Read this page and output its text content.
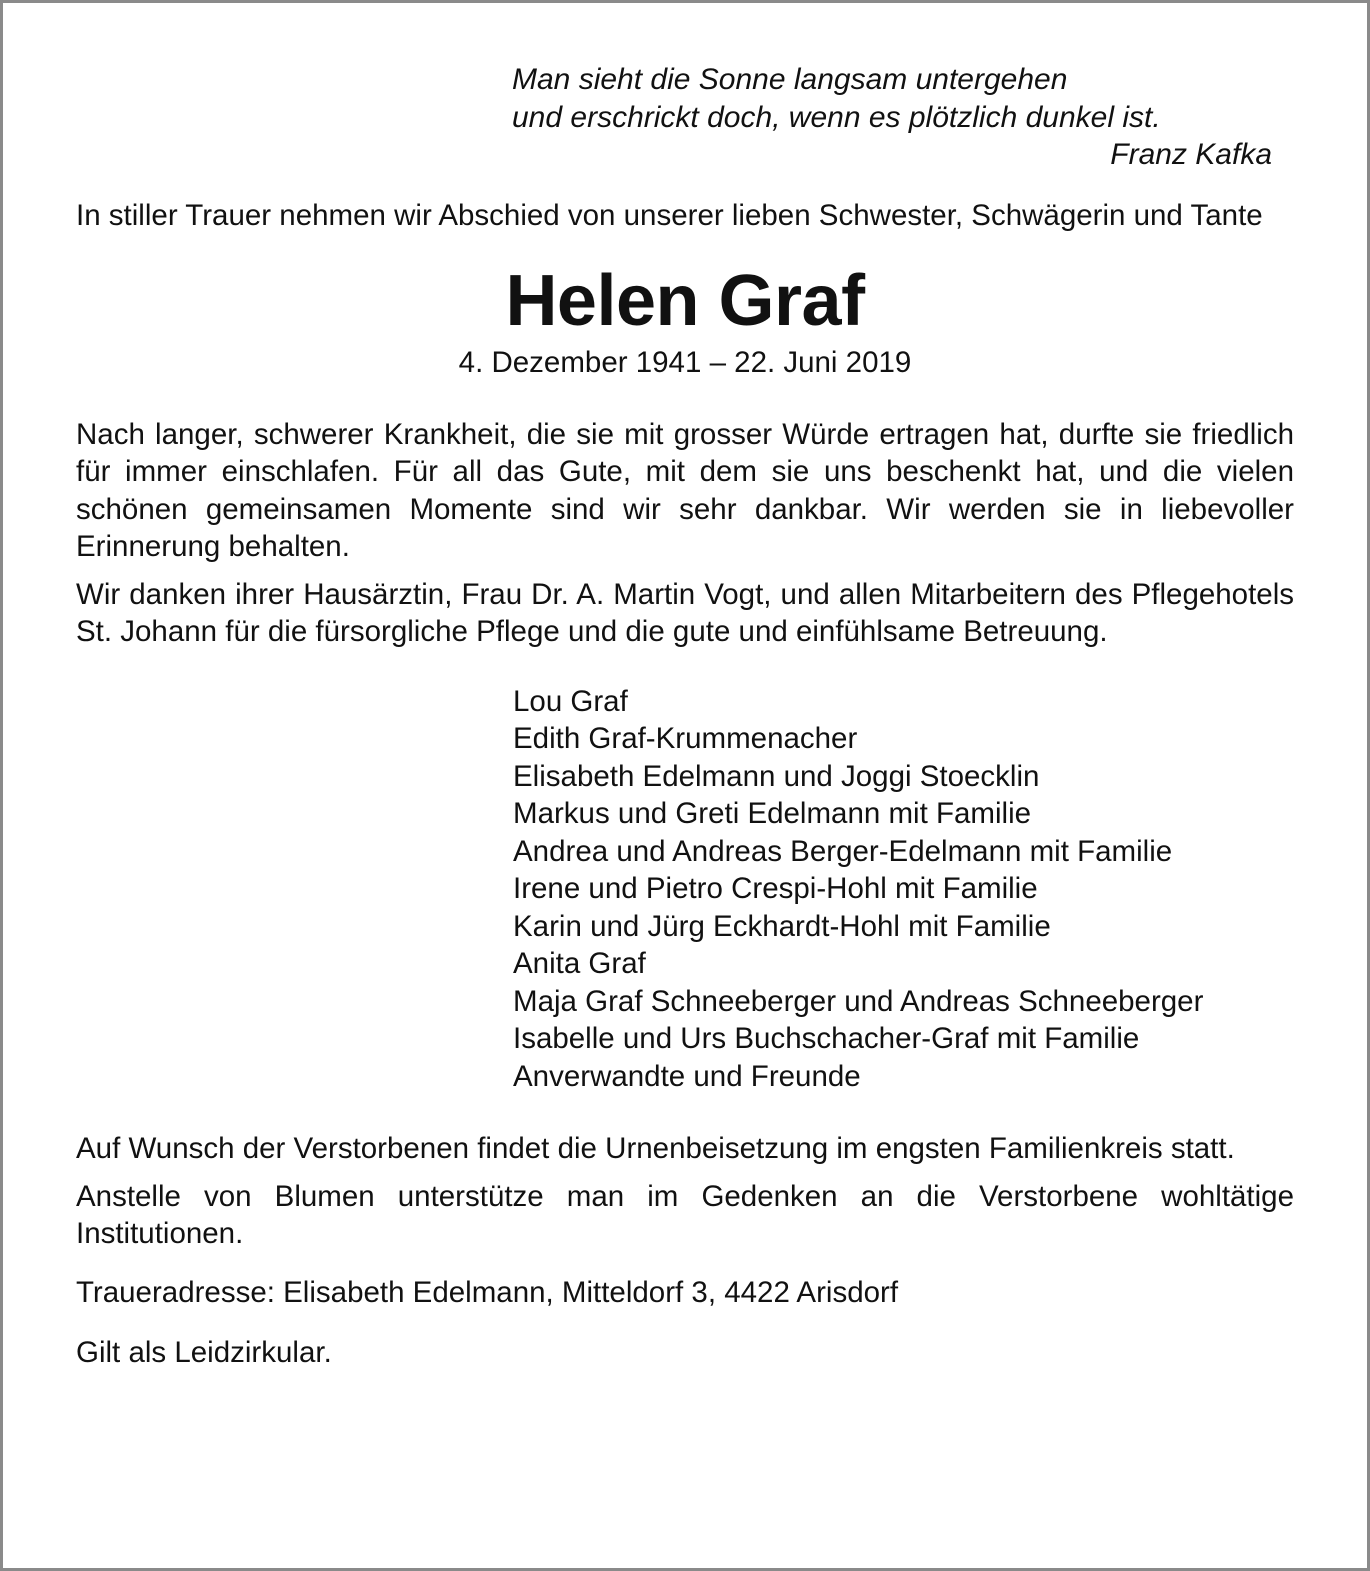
Man sieht die Sonne langsam untergehen
und erschrickt doch, wenn es plötzlich dunkel ist.
Franz Kafka
In stiller Trauer nehmen wir Abschied von unserer lieben Schwester, Schwägerin und Tante
Helen Graf
4. Dezember 1941 – 22. Juni 2019
Nach langer, schwerer Krankheit, die sie mit grosser Würde ertragen hat, durfte sie friedlich für immer einschlafen. Für all das Gute, mit dem sie uns beschenkt hat, und die vielen schönen gemeinsamen Momente sind wir sehr dankbar. Wir werden sie in liebevoller Erinnerung behalten.
Wir danken ihrer Hausärztin, Frau Dr. A. Martin Vogt, und allen Mitarbeitern des Pflegehotels St. Johann für die fürsorgliche Pflege und die gute und einfühlsame Betreuung.
Lou Graf
Edith Graf-Krummenacher
Elisabeth Edelmann und Joggi Stoecklin
Markus und Greti Edelmann mit Familie
Andrea und Andreas Berger-Edelmann mit Familie
Irene und Pietro Crespi-Hohl mit Familie
Karin und Jürg Eckhardt-Hohl mit Familie
Anita Graf
Maja Graf Schneeberger und Andreas Schneeberger
Isabelle und Urs Buchschacher-Graf mit Familie
Anverwandte und Freunde
Auf Wunsch der Verstorbenen findet die Urnenbeisetzung im engsten Familienkreis statt.
Anstelle von Blumen unterstütze man im Gedenken an die Verstorbene wohltätige Institutionen.
Traueradresse: Elisabeth Edelmann, Mitteldorf 3, 4422 Arisdorf
Gilt als Leidzirkular.
